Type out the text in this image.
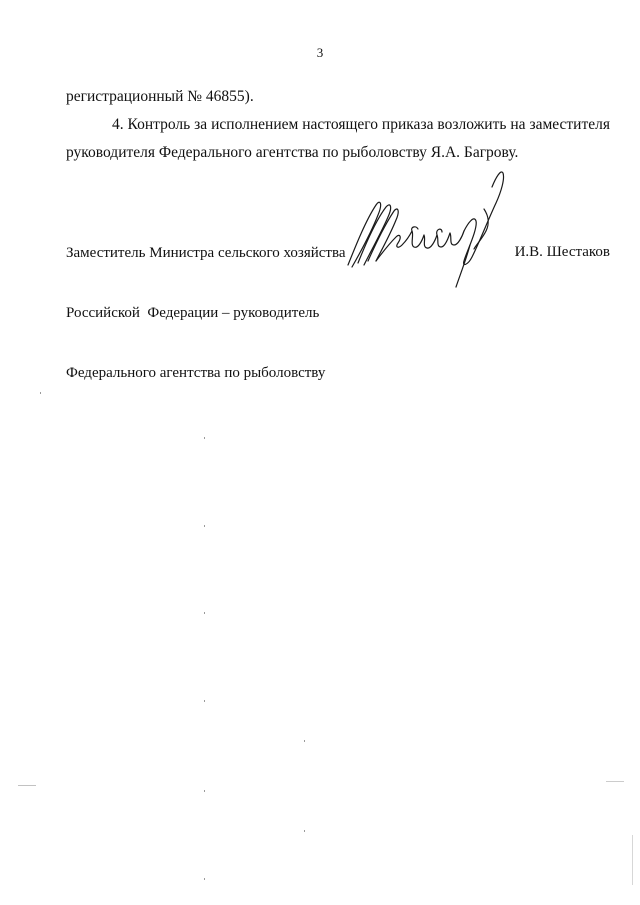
3

регистрационный № 46855).

4. Контроль за исполнением настоящего приказа возложить на заместителя руководителя Федерального агентства по рыболовству Я.А. Багрову.

Заместитель Министра сельского хозяйства

Российской  Федерации – руководитель

Федерального агентства по рыболовству

И.В. Шестаков
